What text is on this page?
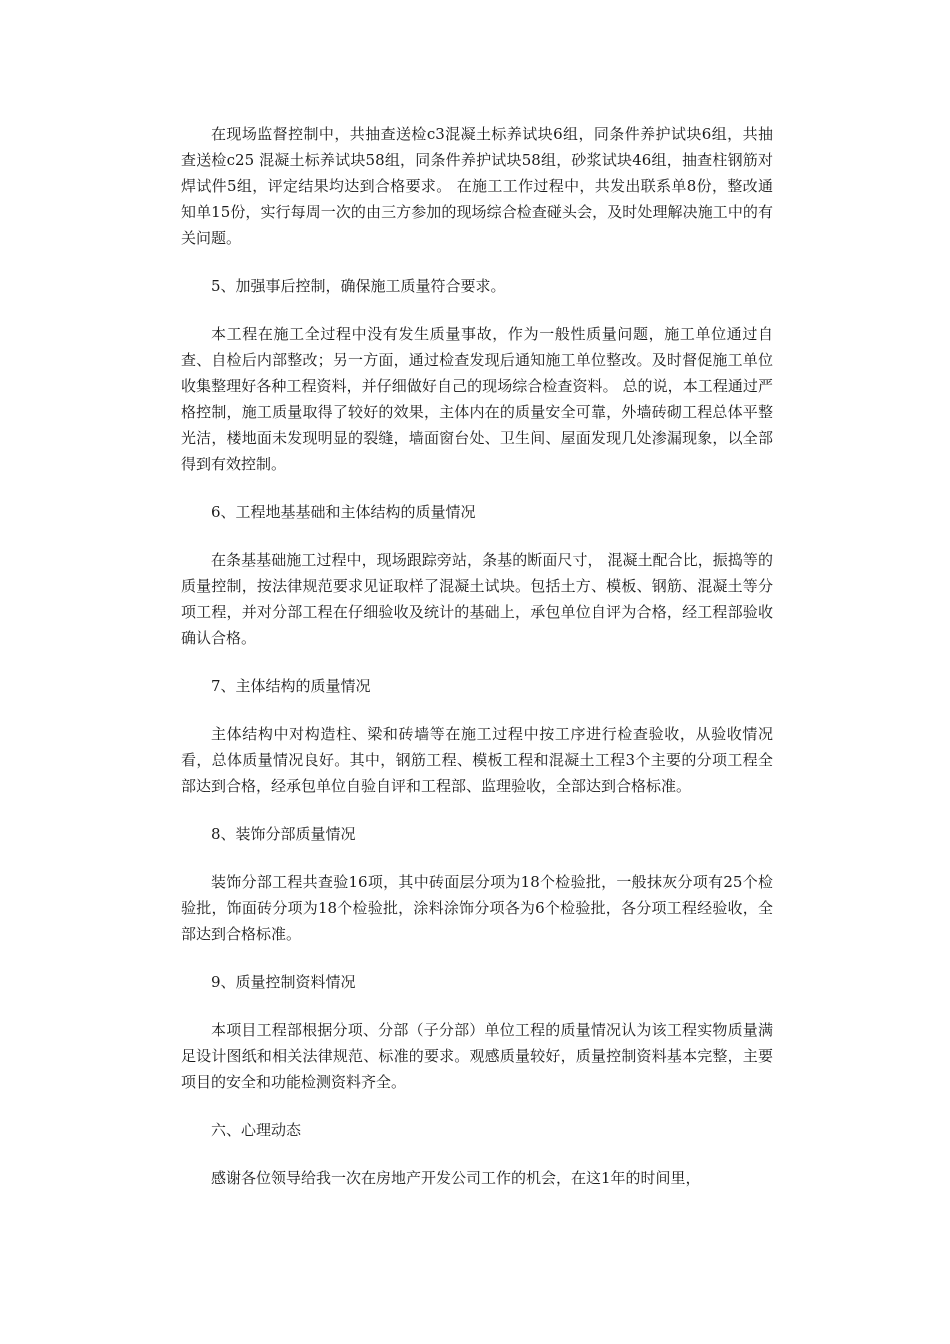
在现场监督控制中，共抽查送检c3混凝土标养试块6组，同条件养护试块6组，共抽查送检c25 混凝土标养试块58组，同条件养护试块58组，砂浆试块46组，抽查柱钢筋对焊试件5组，评定结果均达到合格要求。 在施工工作过程中，共发出联系单8份，整改通知单15份，实行每周一次的由三方参加的现场综合检查碰头会，及时处理解决施工中的有关问题。

5、加强事后控制，确保施工质量符合要求。

本工程在施工全过程中没有发生质量事故，作为一般性质量问题，施工单位通过自查、自检后内部整改；另一方面，通过检查发现后通知施工单位整改。及时督促施工单位收集整理好各种工程资料，并仔细做好自己的现场综合检查资料。 总的说，本工程通过严格控制，施工质量取得了较好的效果，主体内在的质量安全可靠，外墙砖砌工程总体平整光洁，楼地面未发现明显的裂缝，墙面窗台处、卫生间、屋面发现几处渗漏现象，以全部得到有效控制。

6、工程地基基础和主体结构的质量情况

在条基基础施工过程中，现场跟踪旁站，条基的断面尺寸， 混凝土配合比，振捣等的质量控制，按法律规范要求见证取样了混凝土试块。包括土方、模板、钢筋、混凝土等分项工程，并对分部工程在仔细验收及统计的基础上，承包单位自评为合格，经工程部验收确认合格。

7、主体结构的质量情况

主体结构中对构造柱、梁和砖墙等在施工过程中按工序进行检查验收，从验收情况看，总体质量情况良好。其中，钢筋工程、模板工程和混凝土工程3个主要的分项工程全部达到合格，经承包单位自验自评和工程部、监理验收，全部达到合格标准。

8、装饰分部质量情况

装饰分部工程共查验16项，其中砖面层分项为18个检验批，一般抹灰分项有25个检验批，饰面砖分项为18个检验批，涂料涂饰分项各为6个检验批，各分项工程经验收，全部达到合格标准。

9、质量控制资料情况

本项目工程部根据分项、分部（子分部）单位工程的质量情况认为该工程实物质量满足设计图纸和相关法律规范、标准的要求。观感质量较好，质量控制资料基本完整，主要项目的安全和功能检测资料齐全。

六、心理动态

感谢各位领导给我一次在房地产开发公司工作的机会，在这1年的时间里，
